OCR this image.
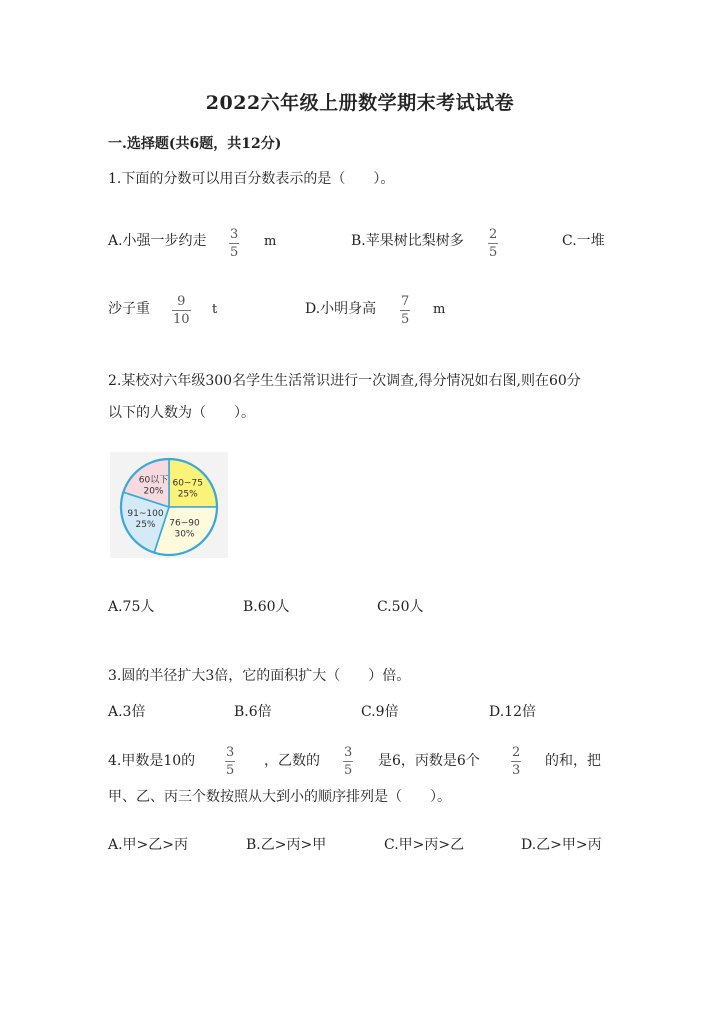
2022六年级上册数学期末考试试卷
一.选择题(共6题，共12分)
1.下面的分数可以用百分数表示的是（　　）。
A.小强一步约走 3
5
m	B.苹果树比梨树多 2
5
C.一堆
沙子重 9
10
t	D.小明身高 7
5
m
2.某校对六年级300名学生生活常识进行一次调查,得分情况如右图,则在60分
以下的人数为（　　）。
60~75
25%
76~90
30%
91~100
25%
60以下
20%
A.75人	B.60人	C.50人
3.圆的半径扩大3倍，它的面积扩大（　　）倍。
A.3倍	B.6倍	C.9倍	D.12倍
4.甲数是10的
3
5
，乙数的
3
5
是6，丙数是6个
2
3
的和，把
甲、乙、丙三个数按照从大到小的顺序排列是（　　）。
A.甲>乙>丙	B.乙>丙>甲	C.甲>丙>乙	D.乙>甲>丙
